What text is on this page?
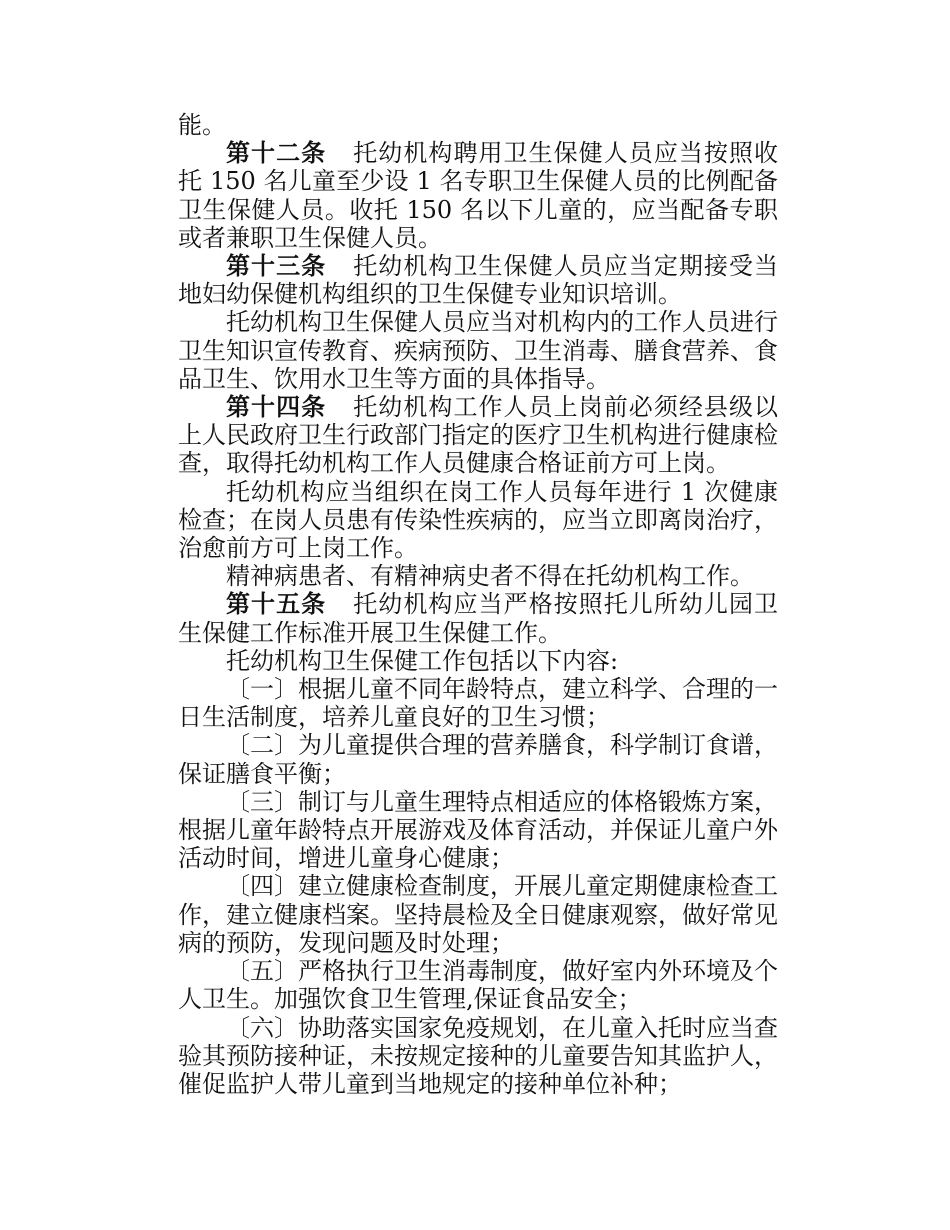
能。

第十二条 托幼机构聘用卫生保健人员应当按照收托 150 名儿童至少设 1 名专职卫生保健人员的比例配备卫生保健人员。收托 150 名以下儿童的，应当配备专职或者兼职卫生保健人员。

第十三条 托幼机构卫生保健人员应当定期接受当地妇幼保健机构组织的卫生保健专业知识培训。

托幼机构卫生保健人员应当对机构内的工作人员进行卫生知识宣传教育、疾病预防、卫生消毒、膳食营养、食品卫生、饮用水卫生等方面的具体指导。

第十四条 托幼机构工作人员上岗前必须经县级以上人民政府卫生行政部门指定的医疗卫生机构进行健康检查，取得托幼机构工作人员健康合格证前方可上岗。

托幼机构应当组织在岗工作人员每年进行 1 次健康检查；在岗人员患有传染性疾病的，应当立即离岗治疗，治愈前方可上岗工作。

精神病患者、有精神病史者不得在托幼机构工作。

第十五条 托幼机构应当严格按照托儿所幼儿园卫生保健工作标准开展卫生保健工作。

托幼机构卫生保健工作包括以下内容:

〔一〕根据儿童不同年龄特点，建立科学、合理的一日生活制度，培养儿童良好的卫生习惯；

〔二〕为儿童提供合理的营养膳食，科学制订食谱，保证膳食平衡；

〔三〕制订与儿童生理特点相适应的体格锻炼方案，根据儿童年龄特点开展游戏及体育活动，并保证儿童户外活动时间，增进儿童身心健康；

〔四〕建立健康检查制度，开展儿童定期健康检查工作，建立健康档案。坚持晨检及全日健康观察，做好常见病的预防，发现问题及时处理；

〔五〕严格执行卫生消毒制度，做好室内外环境及个人卫生。加强饮食卫生管理,保证食品安全；

〔六〕协助落实国家免疫规划，在儿童入托时应当查验其预防接种证，未按规定接种的儿童要告知其监护人，催促监护人带儿童到当地规定的接种单位补种；
